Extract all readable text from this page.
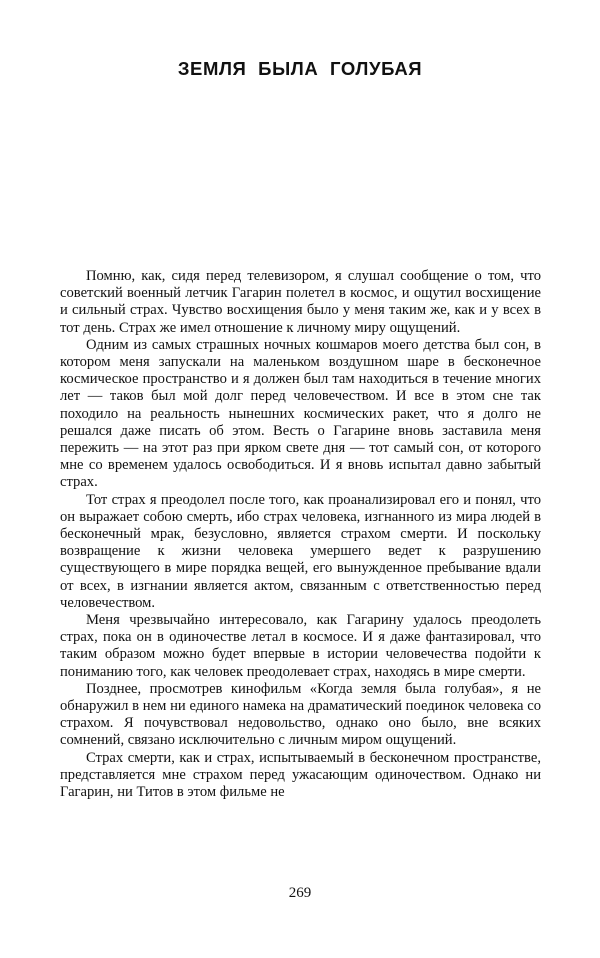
ЗЕМЛЯ БЫЛА ГОЛУБАЯ

Помню, как, сидя перед телевизором, я слушал сообщение о том, что советский военный летчик Гагарин полетел в космос, и ощутил восхищение и сильный страх. Чувство восхищения было у меня таким же, как и у всех в тот день. Страх же имел отношение к личному миру ощущений.

Одним из самых страшных ночных кошмаров моего детства был сон, в котором меня запускали на маленьком воздушном шаре в бесконечное космическое пространство и я должен был там находиться в течение многих лет — таков был мой долг перед человечеством. И все в этом сне так походило на реальность нынешних космических ракет, что я долго не решался даже писать об этом. Весть о Гагарине вновь заставила меня пережить — на этот раз при ярком свете дня — тот самый сон, от которого мне со временем удалось освободиться. И я вновь испытал давно забытый страх.

Тот страх я преодолел после того, как проанализировал его и понял, что он выражает собою смерть, ибо страх человека, изгнанного из мира людей в бесконечный мрак, безусловно, является страхом смерти. И поскольку возвращение к жизни человека умершего ведет к разрушению существующего в мире порядка вещей, его вынужденное пребывание вдали от всех, в изгнании является актом, связанным с ответственностью перед человечеством.

Меня чрезвычайно интересовало, как Гагарину удалось преодолеть страх, пока он в одиночестве летал в космосе. И я даже фантазировал, что таким образом можно будет впервые в истории человечества подойти к пониманию того, как человек преодолевает страх, находясь в мире смерти.

Позднее, просмотрев кинофильм «Когда земля была голубая», я не обнаружил в нем ни единого намека на драматический поединок человека со страхом. Я почувствовал недовольство, однако оно было, вне всяких сомнений, связано исключительно с личным миром ощущений.

Страх смерти, как и страх, испытываемый в бесконечном пространстве, представляется мне страхом перед ужасающим одиночеством. Однако ни Гагарин, ни Титов в этом фильме не

269
